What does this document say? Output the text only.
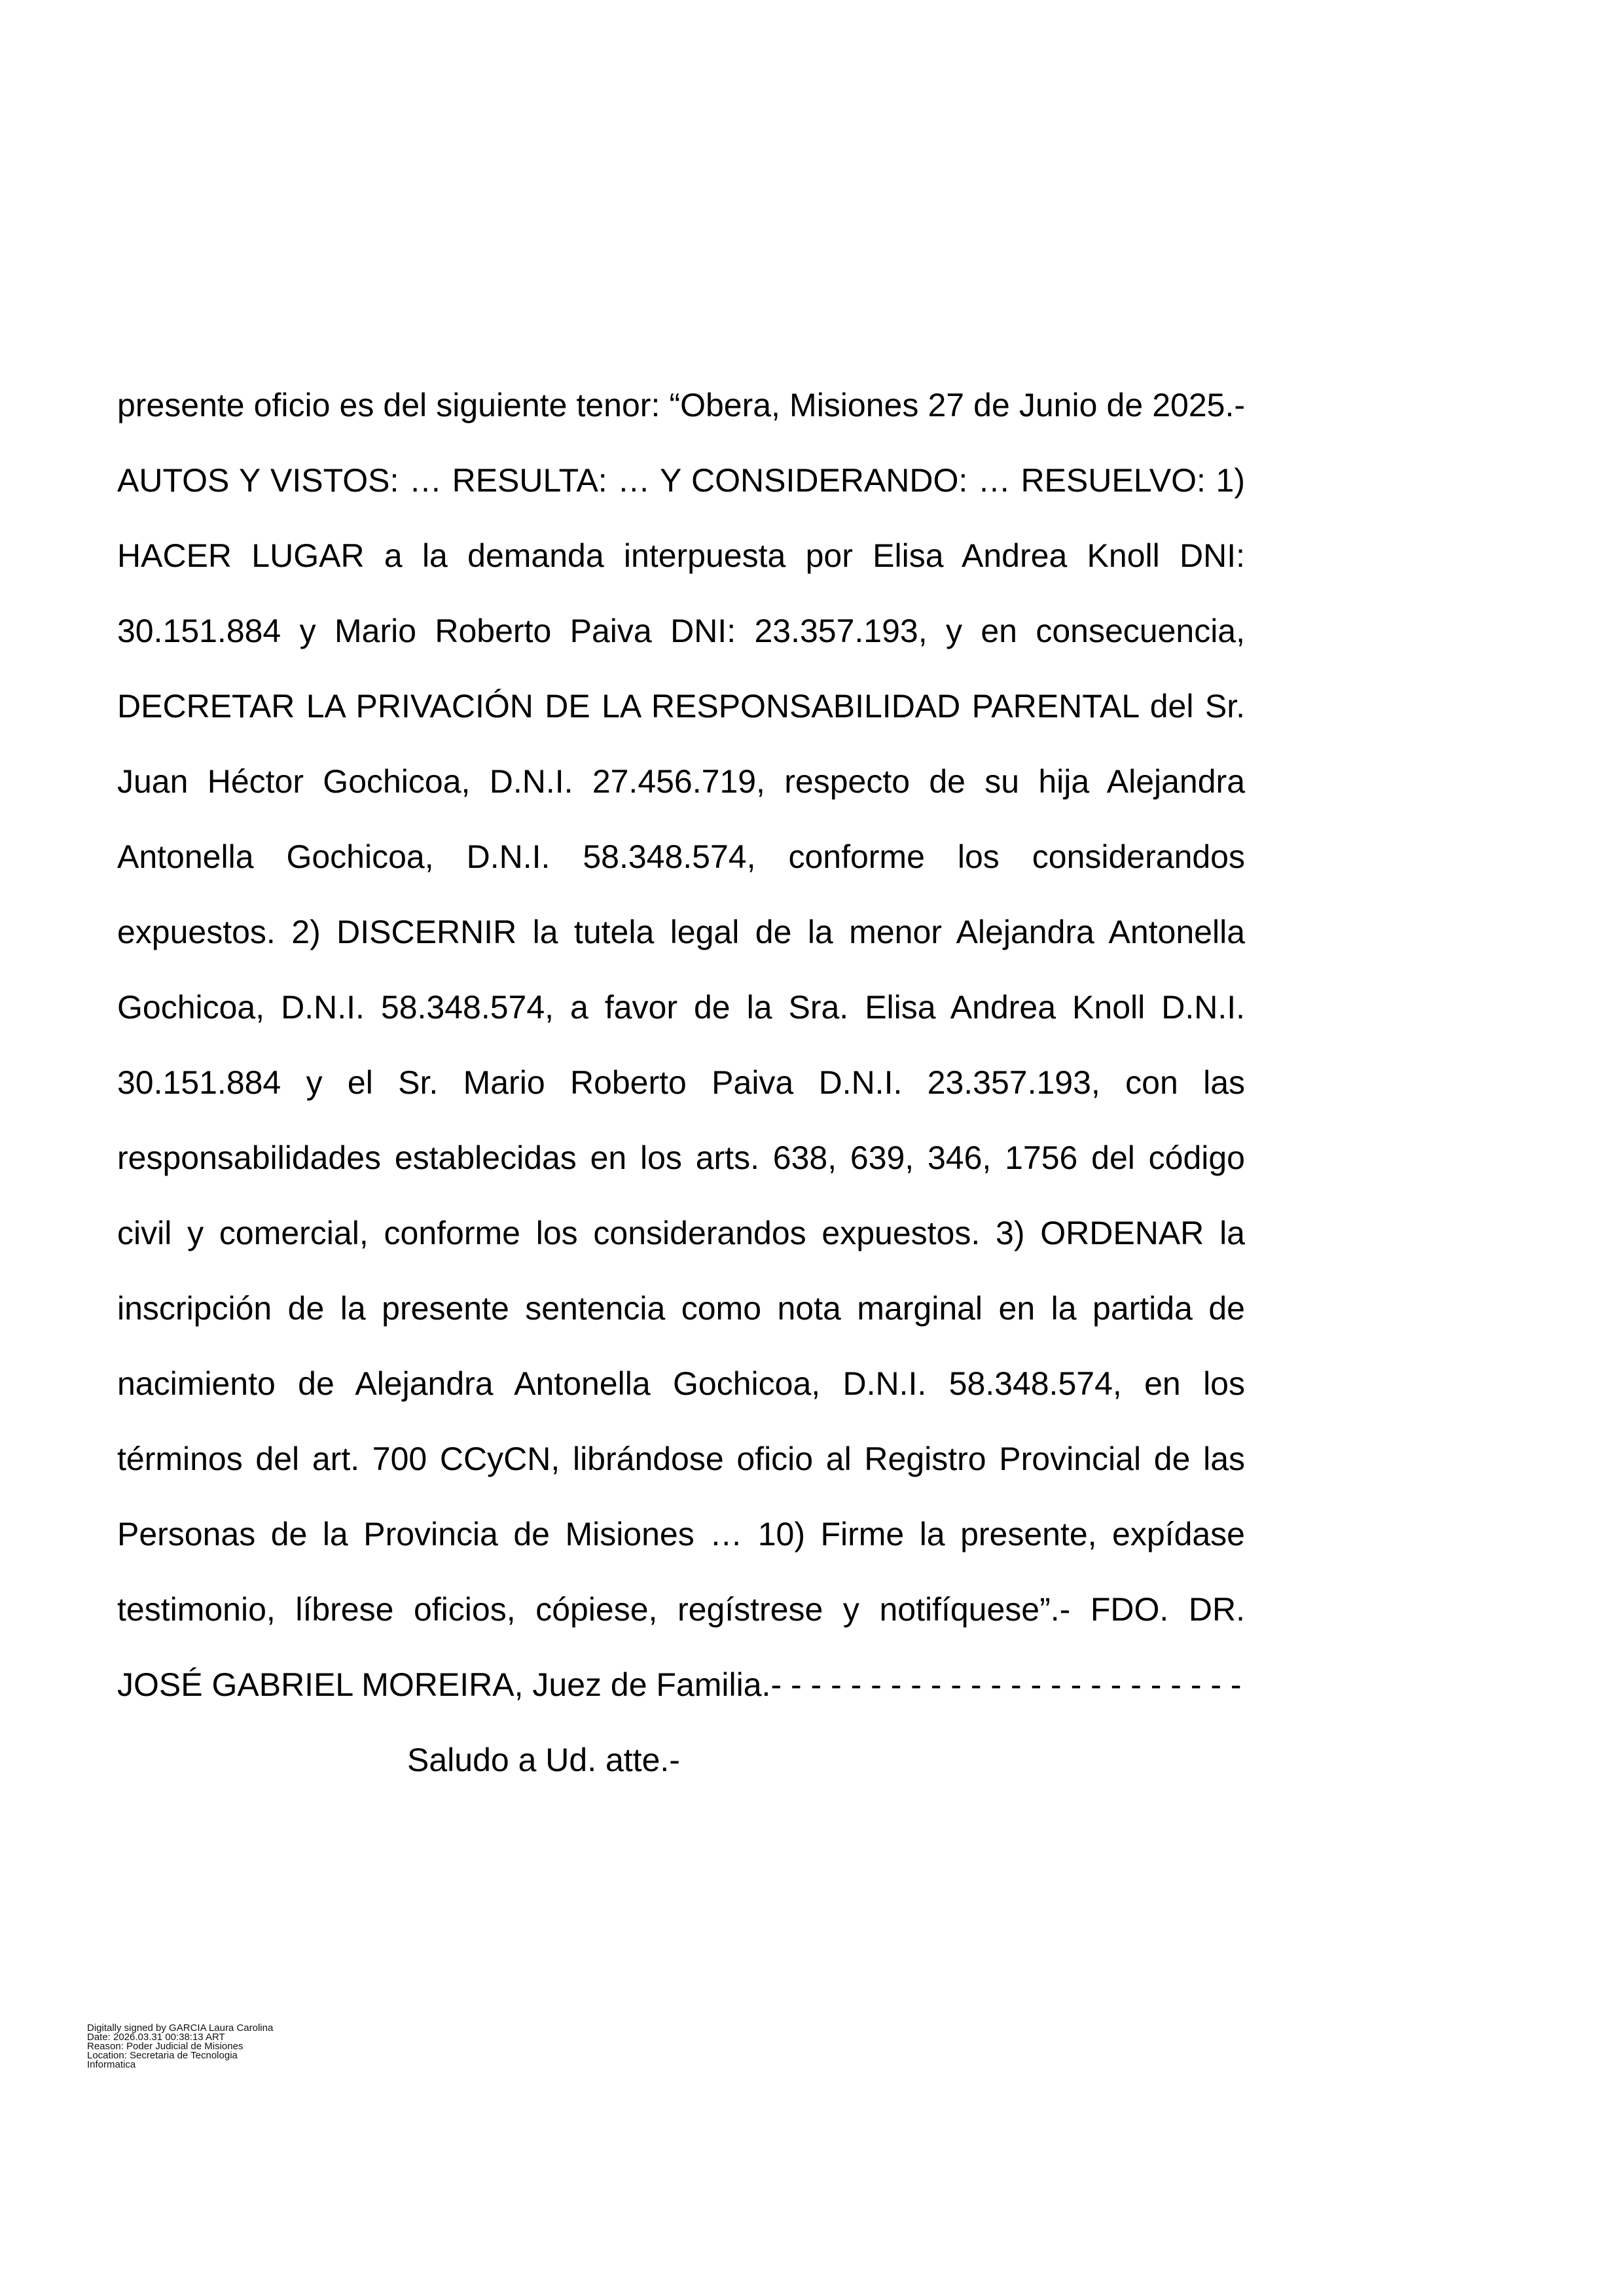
presente oficio es del siguiente tenor: “Obera, Misiones 27 de Junio de 2025.-
AUTOS Y VISTOS: … RESULTA: … Y CONSIDERANDO: … RESUELVO: 1)
HACER LUGAR a la demanda interpuesta por Elisa Andrea Knoll DNI:
30.151.884 y Mario Roberto Paiva DNI: 23.357.193, y en consecuencia,
DECRETAR LA PRIVACIÓN DE LA RESPONSABILIDAD PARENTAL del Sr.
Juan Héctor Gochicoa, D.N.I. 27.456.719, respecto de su hija Alejandra
Antonella Gochicoa, D.N.I. 58.348.574, conforme los considerandos
expuestos. 2) DISCERNIR la tutela legal de la menor Alejandra Antonella
Gochicoa, D.N.I. 58.348.574, a favor de la Sra. Elisa Andrea Knoll D.N.I.
30.151.884 y el Sr. Mario Roberto Paiva D.N.I. 23.357.193, con las
responsabilidades establecidas en los arts. 638, 639, 346, 1756 del código
civil y comercial, conforme los considerandos expuestos. 3) ORDENAR la
inscripción de la presente sentencia como nota marginal en la partida de
nacimiento de Alejandra Antonella Gochicoa, D.N.I. 58.348.574, en los
términos del art. 700 CCyCN, librándose oficio al Registro Provincial de las
Personas de la Provincia de Misiones … 10) Firme la presente, expídase
testimonio, líbrese oficios, cópiese, regístrese y notifíquese”.- FDO. DR.
JOSÉ GABRIEL MOREIRA, Juez de Familia.- - - - - - - - - - - - - - - - - - - - - - - -
Saludo a Ud. atte.-
Digitally signed by GARCIA Laura Carolina
Date: 2026.03.31 00:38:13 ART
Reason: Poder Judicial de Misiones
Location: Secretaria de Tecnologia
Informatica
